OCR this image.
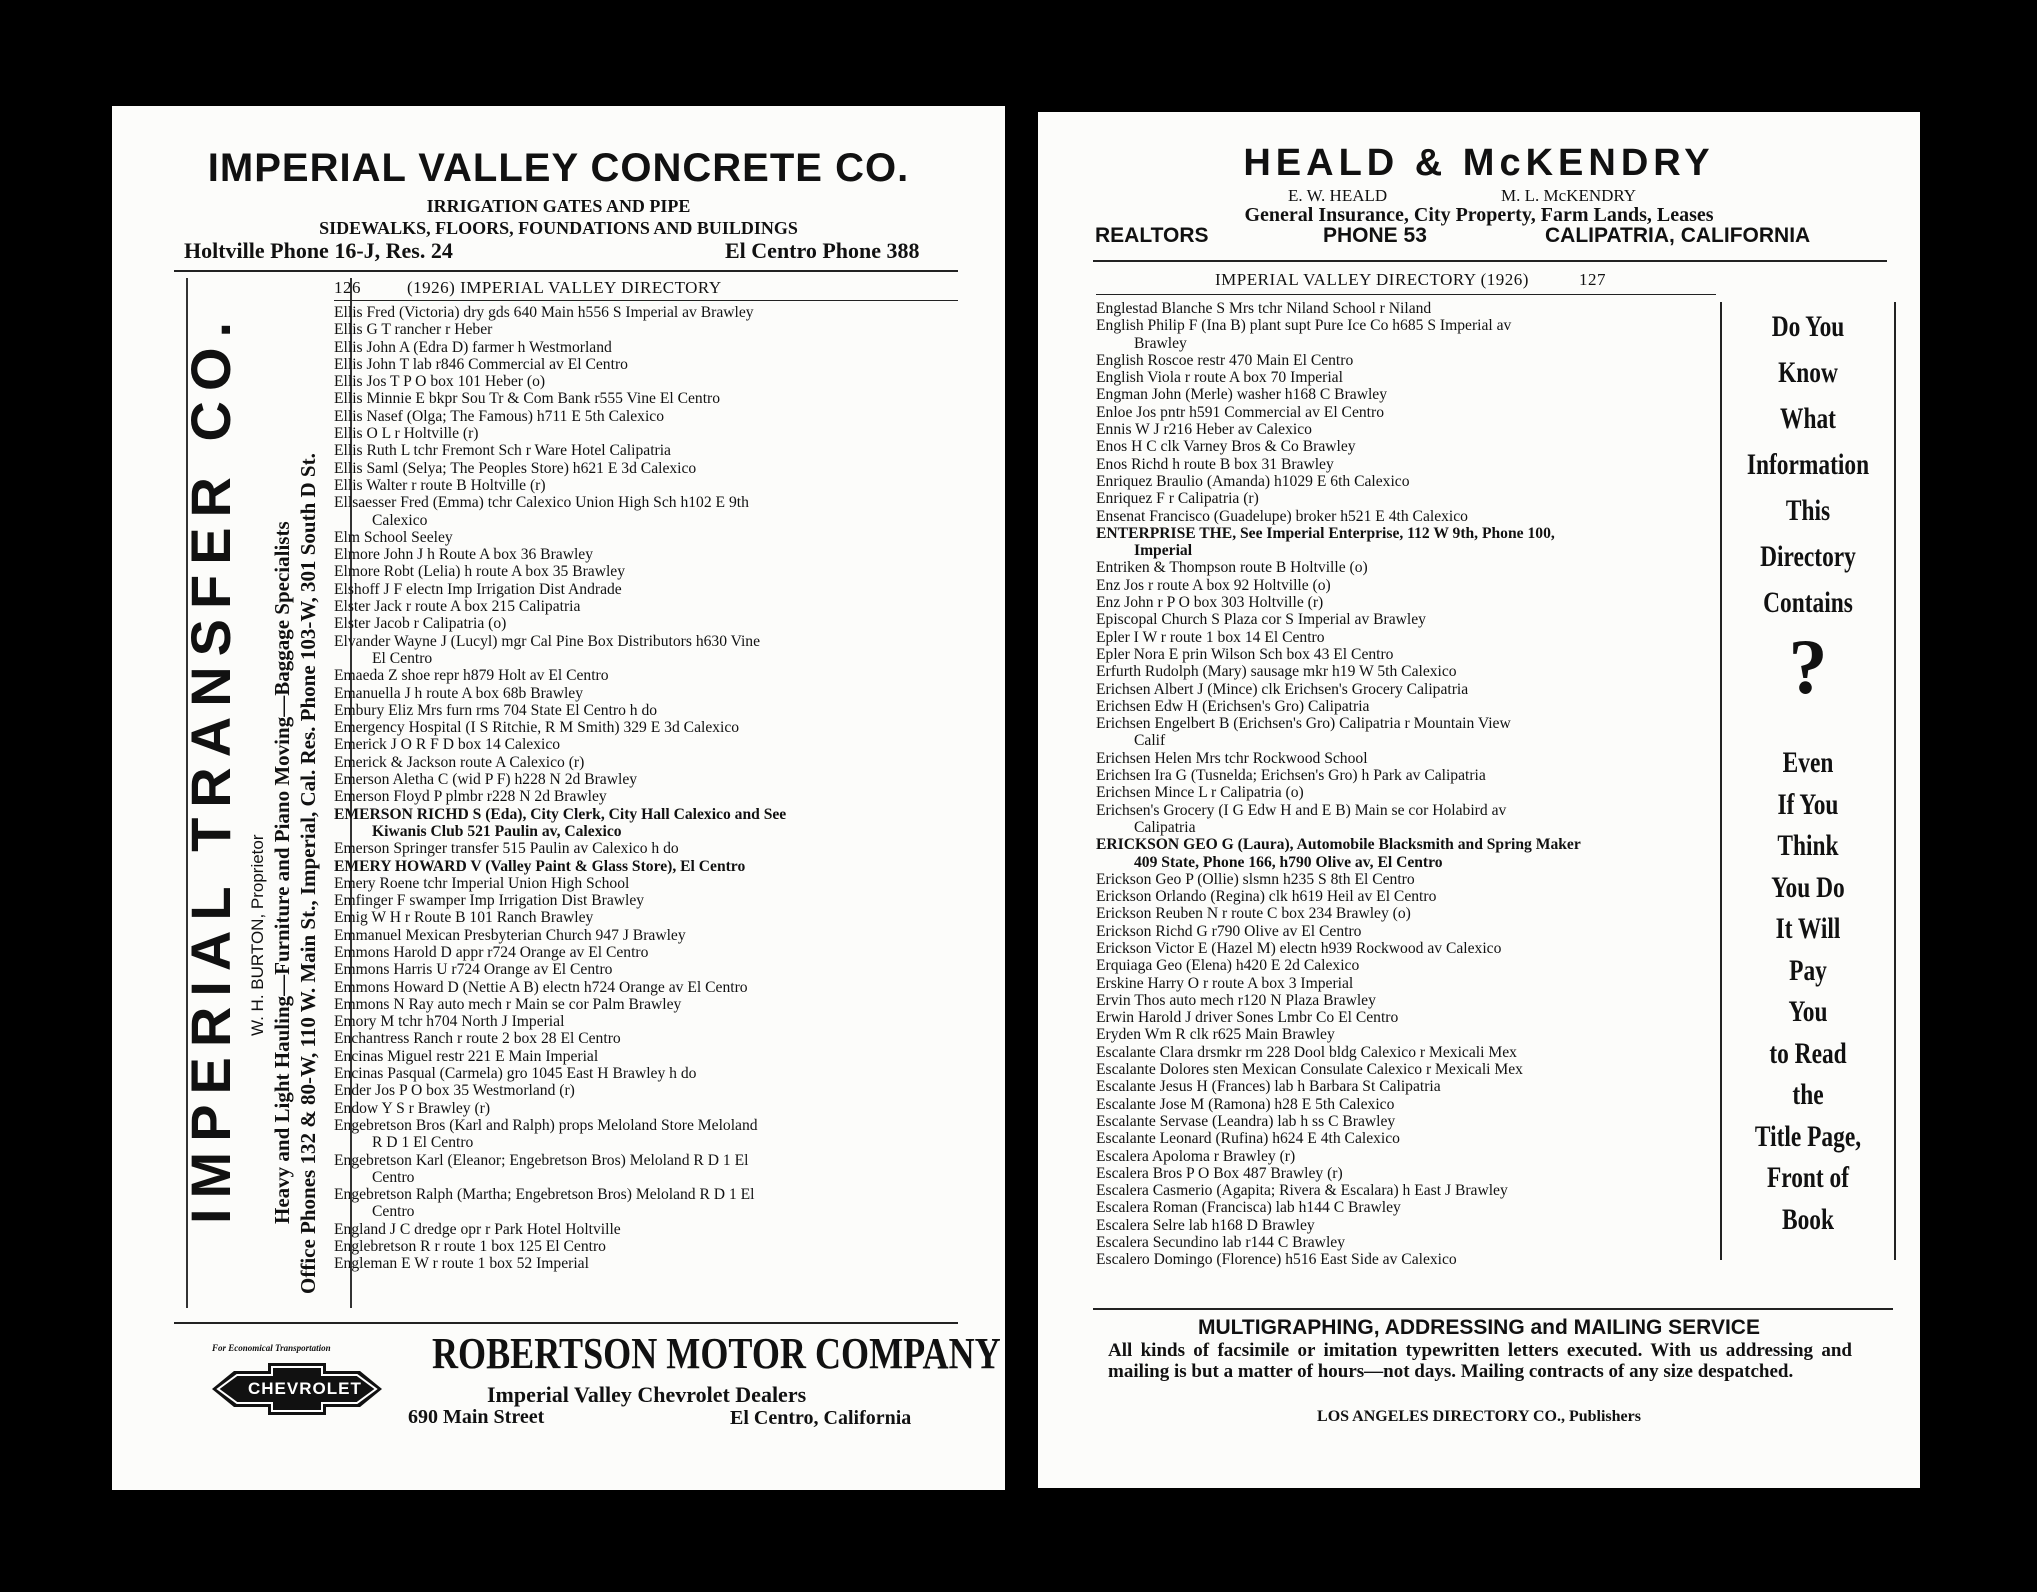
IMPERIAL VALLEY CONCRETE CO.
IRRIGATION GATES AND PIPE
SIDEWALKS, FLOORS, FOUNDATIONS AND BUILDINGS
Holtville Phone 16-J, Res. 24	El Centro Phone 388
IMPERIAL TRANSFER CO. W. H. BURTON, Proprietor Heavy and Light Hauling—Furniture and Piano Moving—Baggage Specialists Office Phones 132 & 80-W, 110 W. Main St., Imperial, Cal. Res. Phone 103-W, 301 South D St.
126	(1926) IMPERIAL VALLEY DIRECTORY
Ellis Fred (Victoria) dry gds 640 Main h556 S Imperial av Brawley
Ellis G T rancher r Heber
Ellis John A (Edra D) farmer h Westmorland
Ellis John T lab r846 Commercial av El Centro
Ellis Jos T P O box 101 Heber (o)
Ellis Minnie E bkpr Sou Tr & Com Bank r555 Vine El Centro
Ellis Nasef (Olga; The Famous) h711 E 5th Calexico
Ellis O L r Holtville (r)
Ellis Ruth L tchr Fremont Sch r Ware Hotel Calipatria
Ellis Saml (Selya; The Peoples Store) h621 E 3d Calexico
Ellis Walter r route B Holtville (r)
Ellsaesser Fred (Emma) tchr Calexico Union High Sch h102 E 9th
Calexico
Elm School Seeley
Elmore John J h Route A box 36 Brawley
Elmore Robt (Lelia) h route A box 35 Brawley
Elshoff J F electn Imp Irrigation Dist Andrade
Elster Jack r route A box 215 Calipatria
Elster Jacob r Calipatria (o)
Elvander Wayne J (Lucyl) mgr Cal Pine Box Distributors h630 Vine
El Centro
Emaeda Z shoe repr h879 Holt av El Centro
Emanuella J h route A box 68b Brawley
Embury Eliz Mrs furn rms 704 State El Centro h do
Emergency Hospital (I S Ritchie, R M Smith) 329 E 3d Calexico
Emerick J O R F D box 14 Calexico
Emerick & Jackson route A Calexico (r)
Emerson Aletha C (wid P F) h228 N 2d Brawley
Emerson Floyd P plmbr r228 N 2d Brawley
EMERSON RICHD S (Eda), City Clerk, City Hall Calexico and See
Kiwanis Club 521 Paulin av, Calexico
Emerson Springer transfer 515 Paulin av Calexico h do
EMERY HOWARD V (Valley Paint & Glass Store), El Centro
Emery Roene tchr Imperial Union High School
Emfinger F swamper Imp Irrigation Dist Brawley
Emig W H r Route B 101 Ranch Brawley
Emmanuel Mexican Presbyterian Church 947 J Brawley
Emmons Harold D appr r724 Orange av El Centro
Emmons Harris U r724 Orange av El Centro
Emmons Howard D (Nettie A B) electn h724 Orange av El Centro
Emmons N Ray auto mech r Main se cor Palm Brawley
Emory M tchr h704 North J Imperial
Enchantress Ranch r route 2 box 28 El Centro
Encinas Miguel restr 221 E Main Imperial
Encinas Pasqual (Carmela) gro 1045 East H Brawley h do
Ender Jos P O box 35 Westmorland (r)
Endow Y S r Brawley (r)
Engebretson Bros (Karl and Ralph) props Meloland Store Meloland
R D 1 El Centro
Engebretson Karl (Eleanor; Engebretson Bros) Meloland R D 1 El
Centro
Engebretson Ralph (Martha; Engebretson Bros) Meloland R D 1 El
Centro
England J C dredge opr r Park Hotel Holtville
Englebretson R r route 1 box 125 El Centro
Engleman E W r route 1 box 52 Imperial
For Economical Transportation
CHEVROLET
ROBERTSON MOTOR COMPANY
Imperial Valley Chevrolet Dealers
690 Main Street	El Centro, California
HEALD & McKENDRY
E. W. HEALD	M. L. McKENDRY
General Insurance, City Property, Farm Lands, Leases
REALTORS	PHONE 53	CALIPATRIA, CALIFORNIA
IMPERIAL VALLEY DIRECTORY (1926)	127
Englestad Blanche S Mrs tchr Niland School r Niland
English Philip F (Ina B) plant supt Pure Ice Co h685 S Imperial av
Brawley
English Roscoe restr 470 Main El Centro
English Viola r route A box 70 Imperial
Engman John (Merle) washer h168 C Brawley
Enloe Jos pntr h591 Commercial av El Centro
Ennis W J r216 Heber av Calexico
Enos H C clk Varney Bros & Co Brawley
Enos Richd h route B box 31 Brawley
Enriquez Braulio (Amanda) h1029 E 6th Calexico
Enriquez F r Calipatria (r)
Ensenat Francisco (Guadelupe) broker h521 E 4th Calexico
ENTERPRISE THE, See Imperial Enterprise, 112 W 9th, Phone 100,
Imperial
Entriken & Thompson route B Holtville (o)
Enz Jos r route A box 92 Holtville (o)
Enz John r P O box 303 Holtville (r)
Episcopal Church S Plaza cor S Imperial av Brawley
Epler I W r route 1 box 14 El Centro
Epler Nora E prin Wilson Sch box 43 El Centro
Erfurth Rudolph (Mary) sausage mkr h19 W 5th Calexico
Erichsen Albert J (Mince) clk Erichsen's Grocery Calipatria
Erichsen Edw H (Erichsen's Gro) Calipatria
Erichsen Engelbert B (Erichsen's Gro) Calipatria r Mountain View
Calif
Erichsen Helen Mrs tchr Rockwood School
Erichsen Ira G (Tusnelda; Erichsen's Gro) h Park av Calipatria
Erichsen Mince L r Calipatria (o)
Erichsen's Grocery (I G Edw H and E B) Main se cor Holabird av
Calipatria
ERICKSON GEO G (Laura), Automobile Blacksmith and Spring Maker
409 State, Phone 166, h790 Olive av, El Centro
Erickson Geo P (Ollie) slsmn h235 S 8th El Centro
Erickson Orlando (Regina) clk h619 Heil av El Centro
Erickson Reuben N r route C box 234 Brawley (o)
Erickson Richd G r790 Olive av El Centro
Erickson Victor E (Hazel M) electn h939 Rockwood av Calexico
Erquiaga Geo (Elena) h420 E 2d Calexico
Erskine Harry O r route A box 3 Imperial
Ervin Thos auto mech r120 N Plaza Brawley
Erwin Harold J driver Sones Lmbr Co El Centro
Eryden Wm R clk r625 Main Brawley
Escalante Clara drsmkr rm 228 Dool bldg Calexico r Mexicali Mex
Escalante Dolores sten Mexican Consulate Calexico r Mexicali Mex
Escalante Jesus H (Frances) lab h Barbara St Calipatria
Escalante Jose M (Ramona) h28 E 5th Calexico
Escalante Servase (Leandra) lab h ss C Brawley
Escalante Leonard (Rufina) h624 E 4th Calexico
Escalera Apoloma r Brawley (r)
Escalera Bros P O Box 487 Brawley (r)
Escalera Casmerio (Agapita; Rivera & Escalara) h East J Brawley
Escalera Roman (Francisca) lab h144 C Brawley
Escalera Selre lab h168 D Brawley
Escalera Secundino lab r144 C Brawley
Escalero Domingo (Florence) h516 East Side av Calexico
Do You
Know
What
Information
This
Directory
Contains
?
Even
If You
Think
You Do
It Will
Pay
You
to Read
the
Title Page,
Front of
Book
MULTIGRAPHING, ADDRESSING and MAILING SERVICE
All kinds of facsimile or imitation typewritten letters executed. With us addressing and mailing is but a matter of hours—not days. Mailing contracts of any size despatched.
LOS ANGELES DIRECTORY CO., Publishers
